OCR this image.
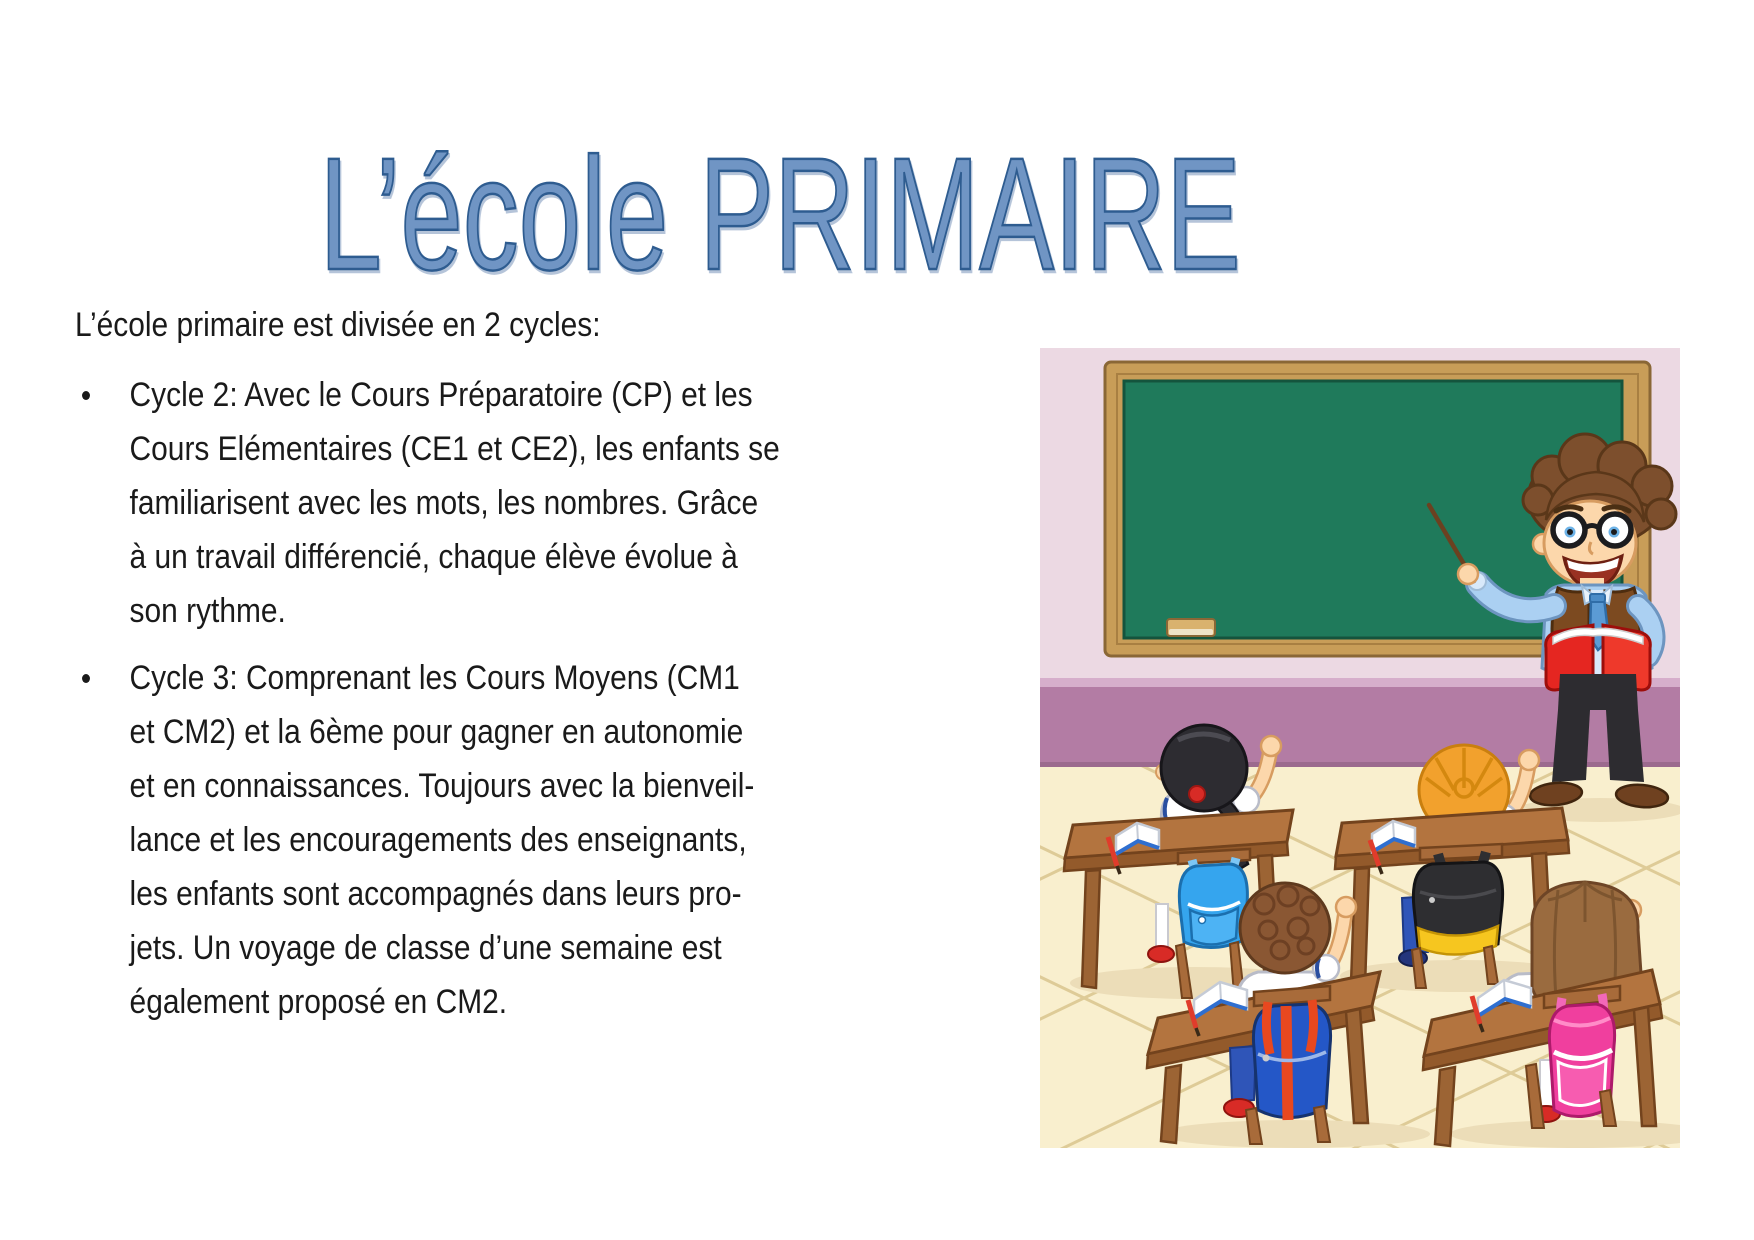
L’école PRIMAIRE
L’école primaire est divisée en 2 cycles:
Cycle 2: Avec le Cours Préparatoire (CP) et les
Cours Elémentaires (CE1 et CE2), les enfants se
familiarisent avec les mots, les nombres. Grâce
à un travail différencié, chaque élève évolue à
son rythme.
Cycle 3: Comprenant les Cours Moyens (CM1
et CM2) et la 6ème pour gagner en autonomie
et en connaissances. Toujours avec la bienveil-
lance et les encouragements des enseignants,
les enfants sont accompagnés dans leurs pro-
jets. Un voyage de classe d’une semaine est
également proposé en CM2.
